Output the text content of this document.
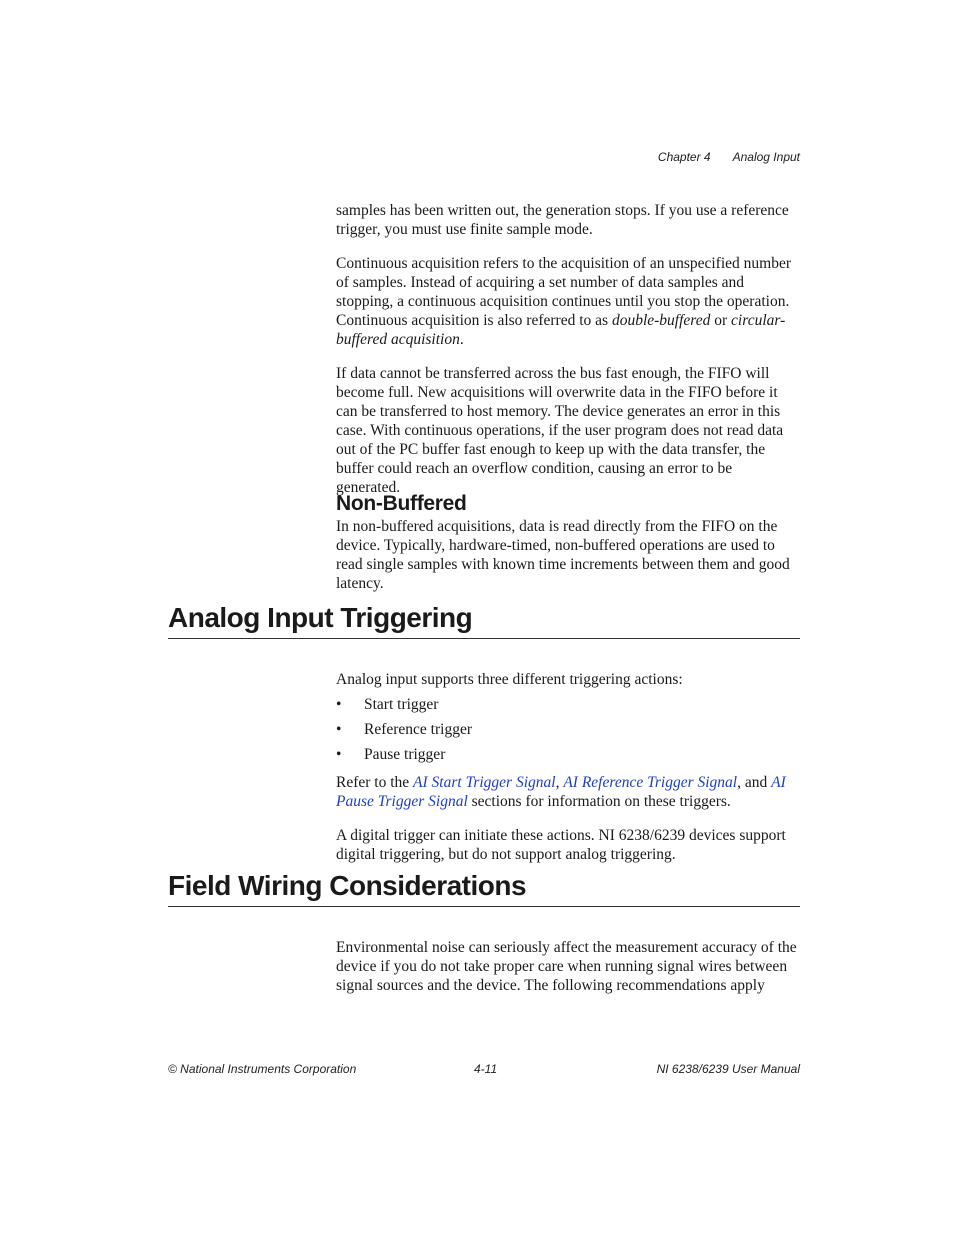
Chapter 4 Analog Input

samples has been written out, the generation stops. If you use a reference trigger, you must use finite sample mode.

Continuous acquisition refers to the acquisition of an unspecified number of samples. Instead of acquiring a set number of data samples and stopping, a continuous acquisition continues until you stop the operation. Continuous acquisition is also referred to as double-buffered or circular-buffered acquisition.

If data cannot be transferred across the bus fast enough, the FIFO will become full. New acquisitions will overwrite data in the FIFO before it can be transferred to host memory. The device generates an error in this case. With continuous operations, if the user program does not read data out of the PC buffer fast enough to keep up with the data transfer, the buffer could reach an overflow condition, causing an error to be generated.

Non-Buffered

In non-buffered acquisitions, data is read directly from the FIFO on the device. Typically, hardware-timed, non-buffered operations are used to read single samples with known time increments between them and good latency.

Analog Input Triggering

Analog input supports three different triggering actions:

• Start trigger
• Reference trigger
• Pause trigger

Refer to the AI Start Trigger Signal, AI Reference Trigger Signal, and AI Pause Trigger Signal sections for information on these triggers.

A digital trigger can initiate these actions. NI 6238/6239 devices support digital triggering, but do not support analog triggering.

Field Wiring Considerations

Environmental noise can seriously affect the measurement accuracy of the device if you do not take proper care when running signal wires between signal sources and the device. The following recommendations apply

© National Instruments Corporation	4-11	NI 6238/6239 User Manual
